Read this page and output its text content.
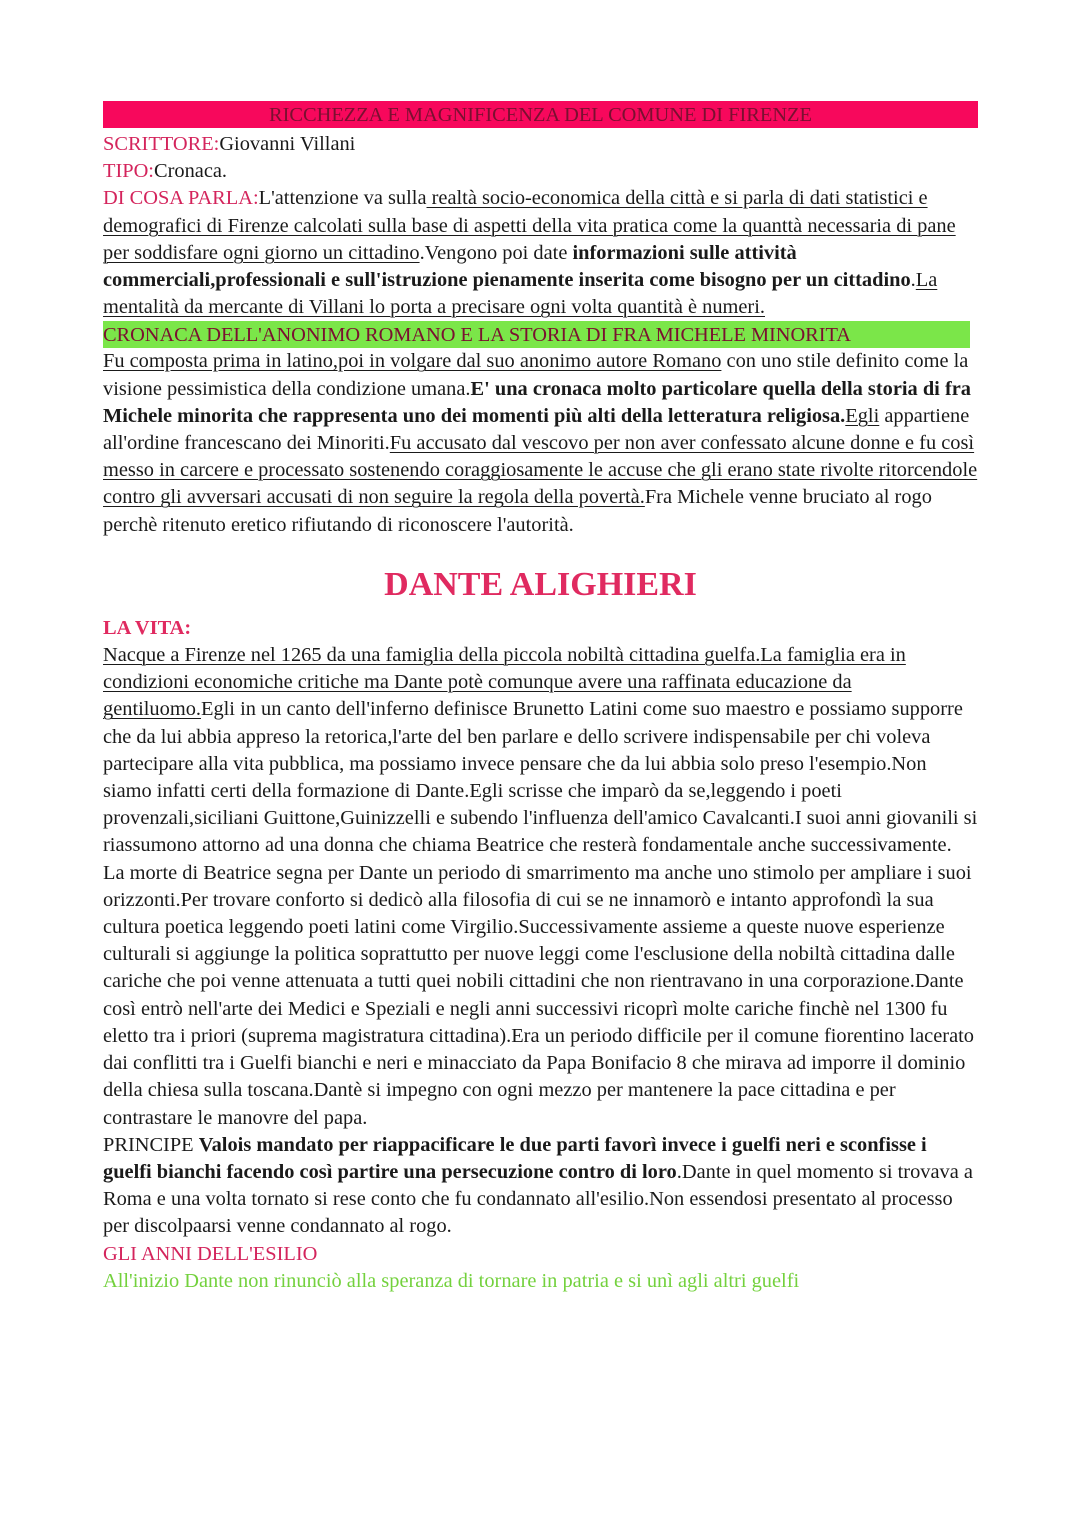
RICCHEZZA E MAGNIFICENZA DEL COMUNE DI FIRENZE

SCRITTORE:Giovanni Villani

TIPO:Cronaca.

DI COSA PARLA:L'attenzione va sulla realtà socio-economica della città e si parla di dati statistici e demografici di Firenze calcolati sulla base di aspetti della vita pratica come la quanttà necessaria di pane per soddisfare ogni giorno un cittadino.Vengono poi date informazioni sulle attività commerciali,professionali e sull'istruzione pienamente inserita come bisogno per un cittadino.La mentalità da mercante di Villani lo porta a precisare ogni volta quantità è numeri.

CRONACA DELL'ANONIMO ROMANO E LA STORIA DI FRA MICHELE MINORITA

Fu composta prima in latino,poi in volgare dal suo anonimo autore Romano con uno stile definito come la visione pessimistica della condizione umana.E' una cronaca molto particolare quella della storia di fra Michele minorita che rappresenta uno dei momenti più alti della letteratura religiosa.Egli appartiene all'ordine francescano dei Minoriti.Fu accusato dal vescovo per non aver confessato alcune donne e fu così messo in carcere e processato sostenendo coraggiosamente le accuse che gli erano state rivolte ritorcendole contro gli avversari accusati di non seguire la regola della povertà.Fra Michele venne bruciato al rogo perchè ritenuto eretico rifiutando di riconoscere l'autorità.

DANTE ALIGHIERI
LA VITA:

Nacque a Firenze nel 1265 da una famiglia della piccola nobiltà cittadina guelfa.La famiglia era in condizioni economiche critiche ma Dante potè comunque avere una raffinata educazione da gentiluomo.Egli in un canto dell'inferno definisce Brunetto Latini come suo maestro e possiamo supporre che da lui abbia appreso la retorica,l'arte del ben parlare e dello scrivere indispensabile per chi voleva partecipare alla vita pubblica, ma possiamo invece pensare che da lui abbia solo preso l'esempio.Non siamo infatti certi della formazione di Dante.Egli scrisse che imparò da se,leggendo i poeti provenzali,siciliani Guittone,Guinizzelli e subendo l'influenza dell'amico Cavalcanti.I suoi anni giovanili si riassumono attorno ad una donna che chiama Beatrice che resterà fondamentale anche successivamente.

La morte di Beatrice segna per Dante un periodo di smarrimento ma anche uno stimolo per ampliare i suoi orizzonti.Per trovare conforto si dedicò alla filosofia di cui se ne innamorò e intanto approfondì la sua cultura poetica leggendo poeti latini come Virgilio.Successivamente assieme a queste nuove esperienze culturali si aggiunge la politica soprattutto per nuove leggi come l'esclusione della nobiltà cittadina dalle cariche che poi venne attenuata a tutti quei nobili cittadini che non rientravano in una corporazione.Dante così entrò nell'arte dei Medici e Speziali e negli anni successivi ricoprì molte cariche finchè nel 1300 fu eletto tra i priori (suprema magistratura cittadina).Era un periodo difficile per il comune fiorentino lacerato dai conflitti tra i Guelfi bianchi e neri e minacciato da Papa Bonifacio 8 che mirava ad imporre il dominio della chiesa sulla toscana.Dantè si impegno con ogni mezzo per mantenere la pace cittadina e per contrastare le manovre del papa.

PRINCIPE Valois mandato per riappacificare le due parti favorì invece i guelfi neri e sconfisse i guelfi bianchi facendo così partire una persecuzione contro di loro.Dante in quel momento si trovava a Roma e una volta tornato si rese conto che fu condannato all'esilio.Non essendosi presentato al processo per discolpaarsi venne condannato al rogo.

GLI ANNI DELL'ESILIO

All'inizio Dante non rinunciò alla speranza di tornare in patria e si unì agli altri guelfi
